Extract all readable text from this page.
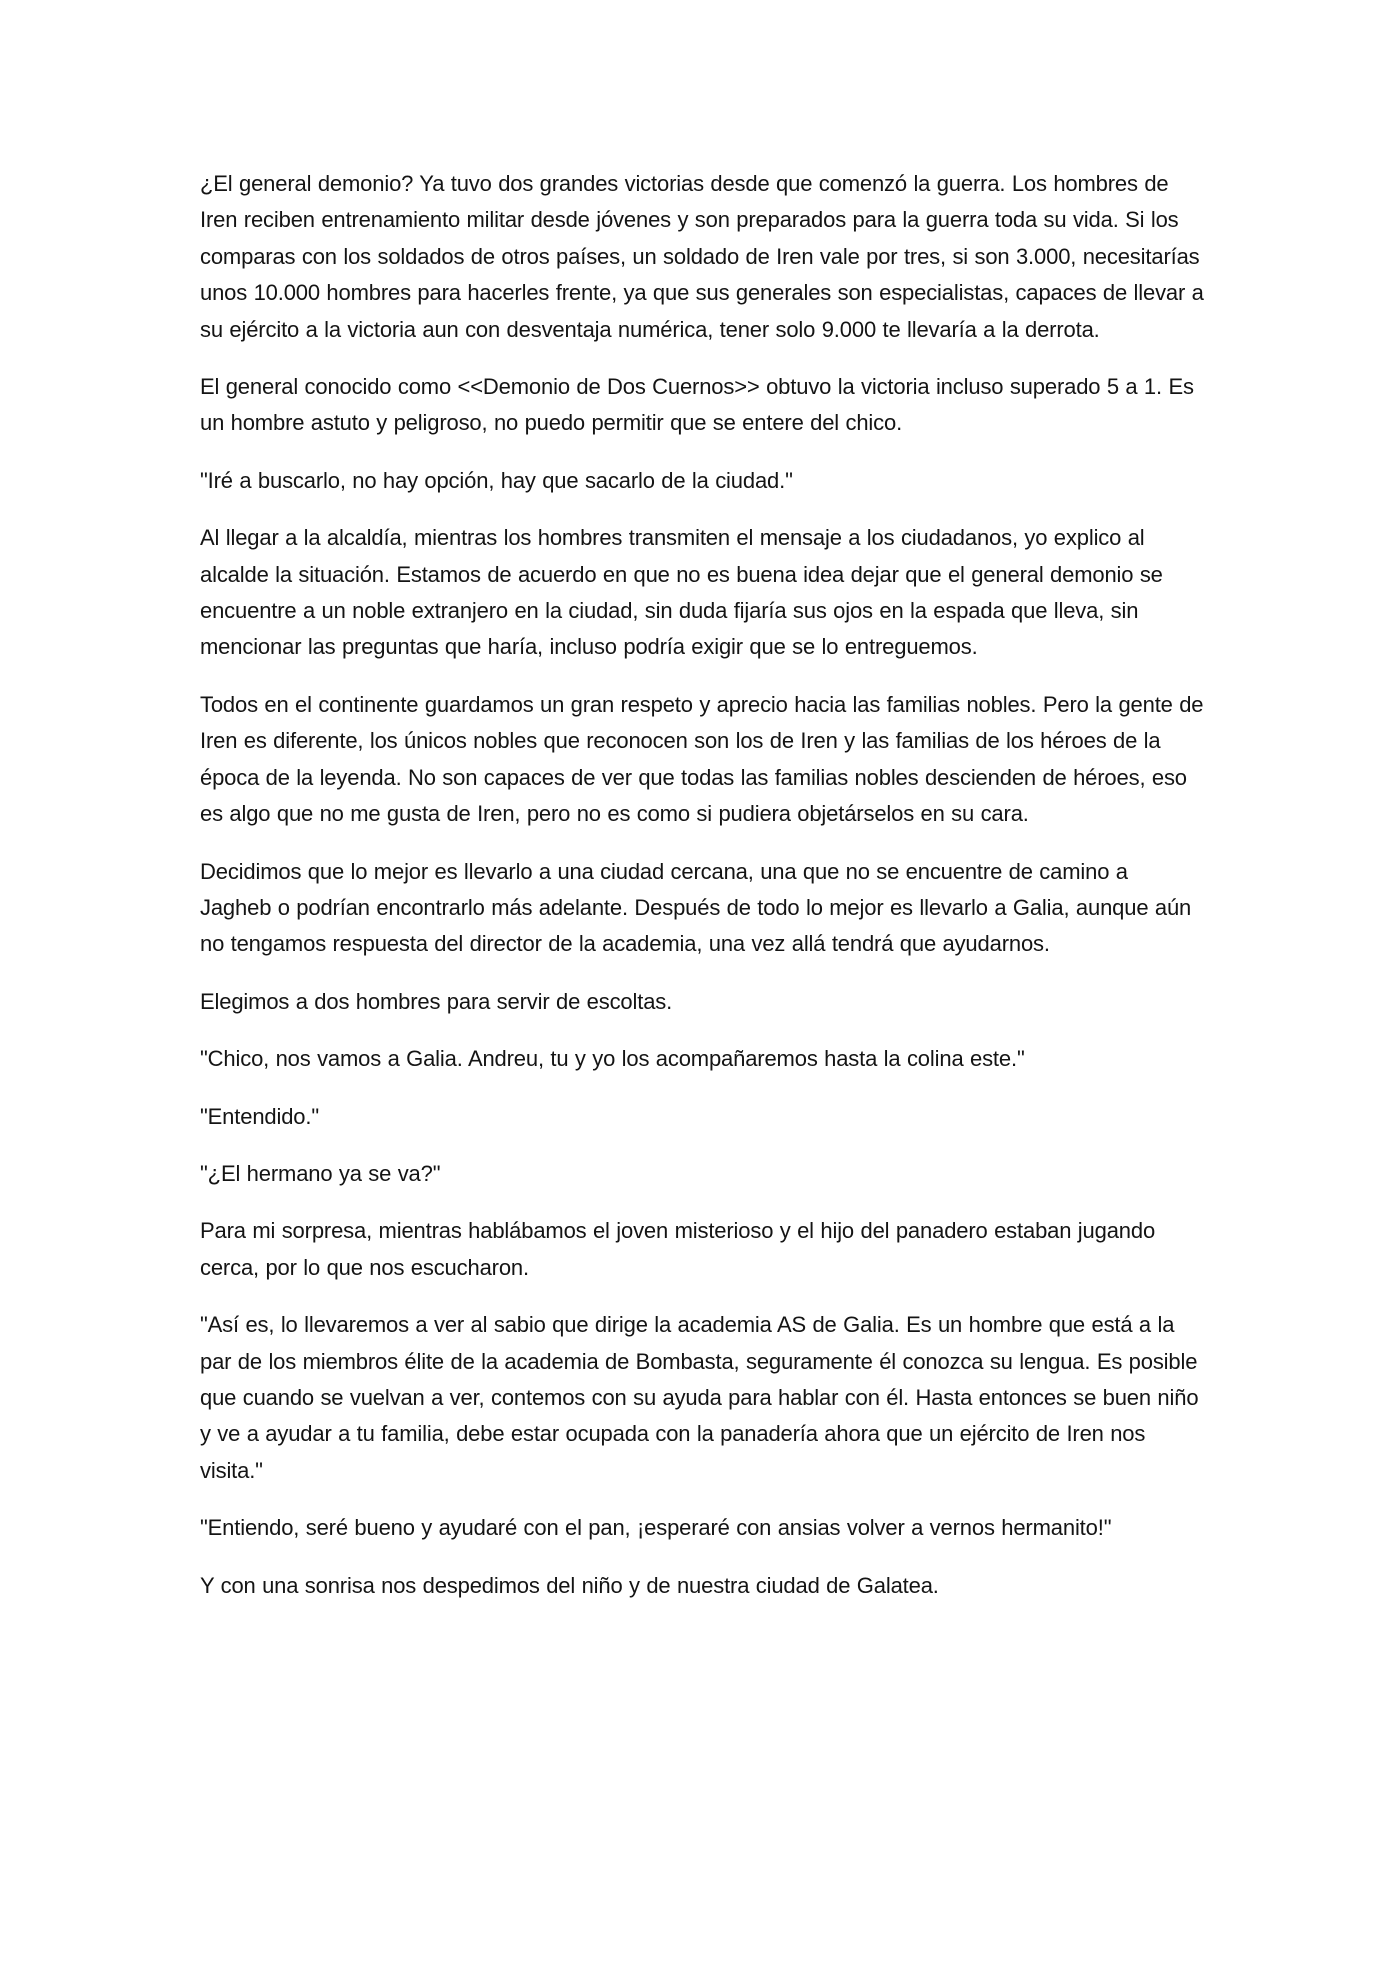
¿El general demonio? Ya tuvo dos grandes victorias desde que comenzó la guerra. Los hombres de Iren reciben entrenamiento militar desde jóvenes y son preparados para la guerra toda su vida. Si los comparas con los soldados de otros países, un soldado de Iren vale por tres, si son 3.000, necesitarías unos 10.000 hombres para hacerles frente, ya que sus generales son especialistas, capaces de llevar a su ejército a la victoria aun con desventaja numérica, tener solo 9.000 te llevaría a la derrota.

El general conocido como <<Demonio de Dos Cuernos>> obtuvo la victoria incluso superado 5 a 1. Es un hombre astuto y peligroso, no puedo permitir que se entere del chico.

"Iré a buscarlo, no hay opción, hay que sacarlo de la ciudad."

Al llegar a la alcaldía, mientras los hombres transmiten el mensaje a los ciudadanos, yo explico al alcalde la situación. Estamos de acuerdo en que no es buena idea dejar que el general demonio se encuentre a un noble extranjero en la ciudad, sin duda fijaría sus ojos en la espada que lleva, sin mencionar las preguntas que haría, incluso podría exigir que se lo entreguemos.

Todos en el continente guardamos un gran respeto y aprecio hacia las familias nobles. Pero la gente de Iren es diferente, los únicos nobles que reconocen son los de Iren y las familias de los héroes de la época de la leyenda. No son capaces de ver que todas las familias nobles descienden de héroes, eso es algo que no me gusta de Iren, pero no es como si pudiera objetárselos en su cara.

Decidimos que lo mejor es llevarlo a una ciudad cercana, una que no se encuentre de camino a Jagheb o podrían encontrarlo más adelante. Después de todo lo mejor es llevarlo a Galia, aunque aún no tengamos respuesta del director de la academia, una vez allá tendrá que ayudarnos.

Elegimos a dos hombres para servir de escoltas.

"Chico, nos vamos a Galia. Andreu, tu y yo los acompañaremos hasta la colina este."

"Entendido."

"¿El hermano ya se va?"

Para mi sorpresa, mientras hablábamos el joven misterioso y el hijo del panadero estaban jugando cerca, por lo que nos escucharon.

"Así es, lo llevaremos a ver al sabio que dirige la academia AS de Galia. Es un hombre que está a la par de los miembros élite de la academia de Bombasta, seguramente él conozca su lengua. Es posible que cuando se vuelvan a ver, contemos con su ayuda para hablar con él. Hasta entonces se buen niño y ve a ayudar a tu familia, debe estar ocupada con la panadería ahora que un ejército de Iren nos visita."

"Entiendo, seré bueno y ayudaré con el pan, ¡esperaré con ansias volver a vernos hermanito!"

Y con una sonrisa nos despedimos del niño y de nuestra ciudad de Galatea.
